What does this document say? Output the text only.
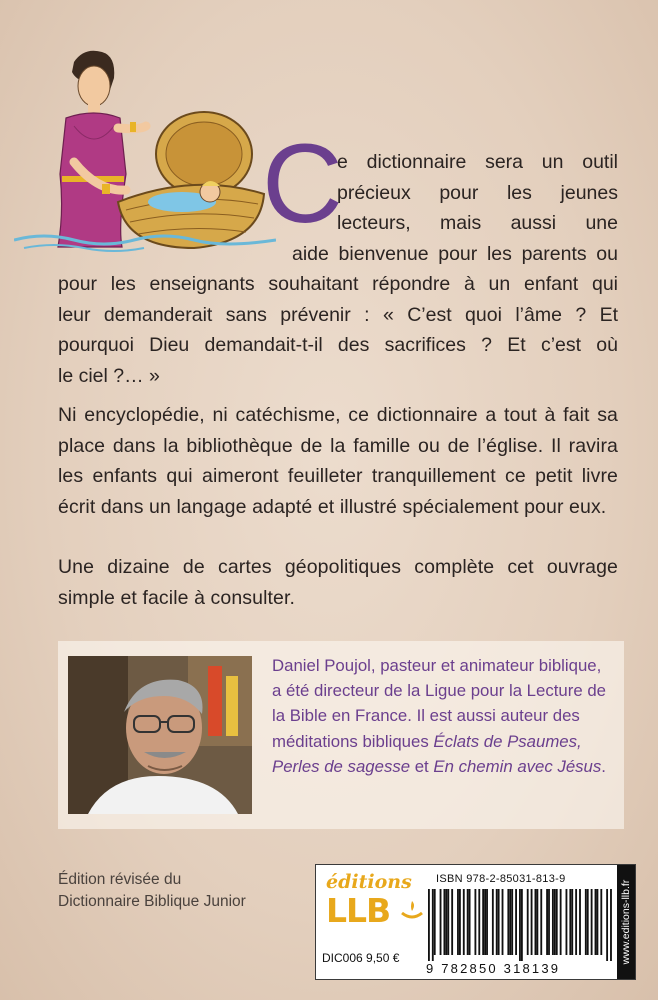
C
e dictionnaire sera un outil
précieux pour les jeunes
lecteurs, mais aussi une
aide bienvenue pour les parents ou
pour les enseignants souhaitant répondre à un enfant qui
leur demanderait sans prévenir : « C’est quoi l’âme ? Et
pourquoi Dieu demandait-t-il des sacrifices ? Et c’est où
le ciel ?… »
Ni encyclopédie, ni catéchisme, ce dictionnaire a tout à fait sa place dans la bibliothèque de la famille ou de l’église. Il ravira les enfants qui aimeront feuilleter tranquillement ce petit livre écrit dans un langage adapté et illustré spécialement pour eux.
Une dizaine de cartes géopolitiques complète cet ouvrage simple et facile à consulter.
Daniel Poujol, pasteur et animateur biblique, a été directeur de la Ligue pour la Lecture de la Bible en France. Il est aussi auteur des méditations bibliques Éclats de Psaumes, Perles de sagesse et En chemin avec Jésus.
Édition révisée du
Dictionnaire Biblique Junior
éditions
LLB
DIC006 9,50 €
ISBN 978-2-85031-813-9
9 782850 318139
www.editions-llb.fr
